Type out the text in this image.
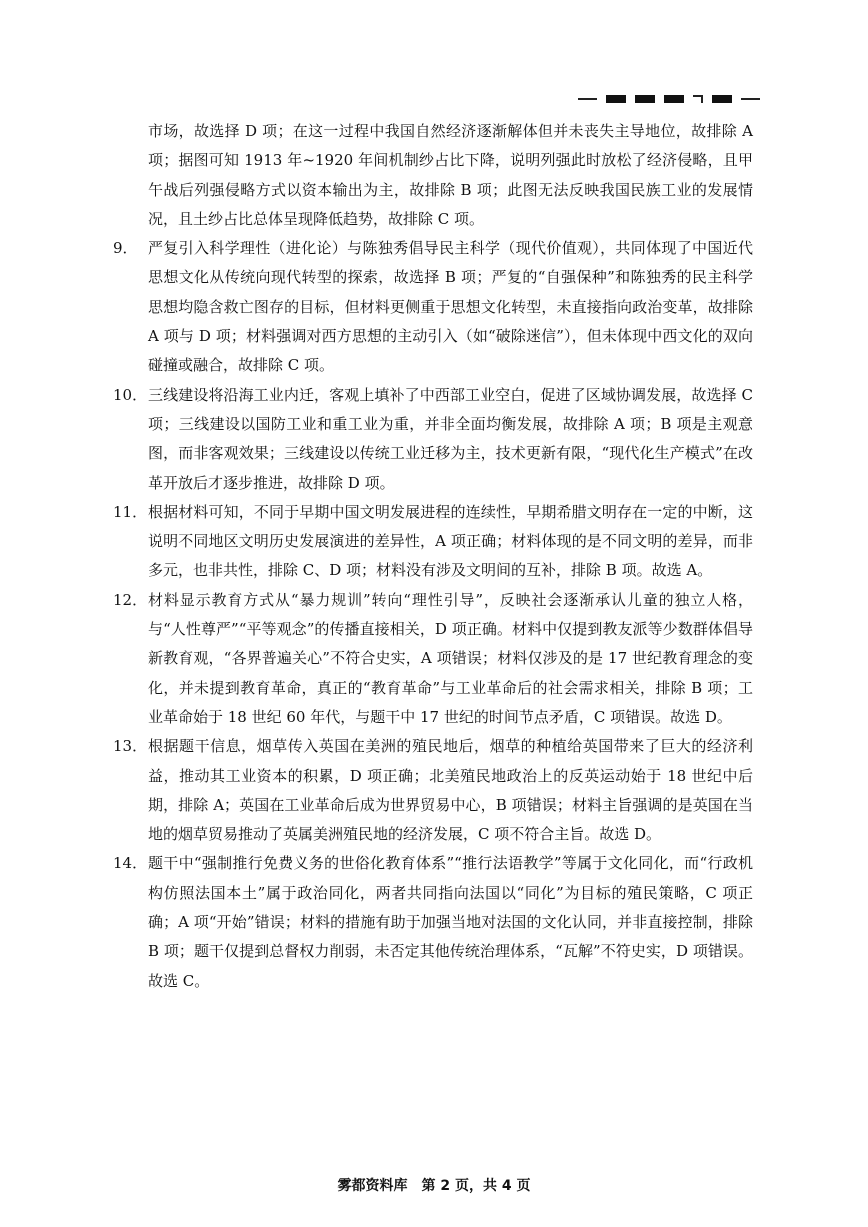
市场，故选择 D 项；在这一过程中我国自然经济逐渐解体但并未丧失主导地位，故排除 A 项；据图可知 1913 年~1920 年间机制纱占比下降，说明列强此时放松了经济侵略，且甲午战后列强侵略方式以资本输出为主，故排除 B 项；此图无法反映我国民族工业的发展情况，且土纱占比总体呈现降低趋势，故排除 C 项。
9． 严复引入科学理性（进化论）与陈独秀倡导民主科学（现代价值观），共同体现了中国近代思想文化从传统向现代转型的探索，故选择 B 项；严复的“自强保种”和陈独秀的民主科学思想均隐含救亡图存的目标，但材料更侧重于思想文化转型，未直接指向政治变革，故排除 A 项与 D 项；材料强调对西方思想的主动引入（如“破除迷信”），但未体现中西文化的双向碰撞或融合，故排除 C 项。
10． 三线建设将沿海工业内迁，客观上填补了中西部工业空白，促进了区域协调发展，故选择 C 项；三线建设以国防工业和重工业为重，并非全面均衡发展，故排除 A 项；B 项是主观意图，而非客观效果；三线建设以传统工业迁移为主，技术更新有限，“现代化生产模式”在改革开放后才逐步推进，故排除 D 项。
11． 根据材料可知，不同于早期中国文明发展进程的连续性，早期希腊文明存在一定的中断，这说明不同地区文明历史发展演进的差异性，A 项正确；材料体现的是不同文明的差异，而非多元，也非共性，排除 C、D 项；材料没有涉及文明间的互补，排除 B 项。故选 A。
12． 材料显示教育方式从“暴力规训”转向“理性引导”，反映社会逐渐承认儿童的独立人格，与“人性尊严”“平等观念”的传播直接相关，D 项正确。材料中仅提到教友派等少数群体倡导新教育观，“各界普遍关心”不符合史实，A 项错误；材料仅涉及的是 17 世纪教育理念的变化，并未提到教育革命，真正的“教育革命”与工业革命后的社会需求相关，排除 B 项；工业革命始于 18 世纪 60 年代，与题干中 17 世纪的时间节点矛盾，C 项错误。故选 D。
13． 根据题干信息，烟草传入英国在美洲的殖民地后，烟草的种植给英国带来了巨大的经济利益，推动其工业资本的积累，D 项正确；北美殖民地政治上的反英运动始于 18 世纪中后期，排除 A；英国在工业革命后成为世界贸易中心，B 项错误；材料主旨强调的是英国在当地的烟草贸易推动了英属美洲殖民地的经济发展，C 项不符合主旨。故选 D。
14． 题干中“强制推行免费义务的世俗化教育体系”“推行法语教学”等属于文化同化，而“行政机构仿照法国本土”属于政治同化，两者共同指向法国以“同化”为目标的殖民策略，C 项正确；A 项“开始”错误；材料的措施有助于加强当地对法国的文化认同，并非直接控制，排除 B 项；题干仅提到总督权力削弱，未否定其他传统治理体系，“瓦解”不符史实，D 项错误。故选 C。
雾都资料库　第 2 页，共 4 页
